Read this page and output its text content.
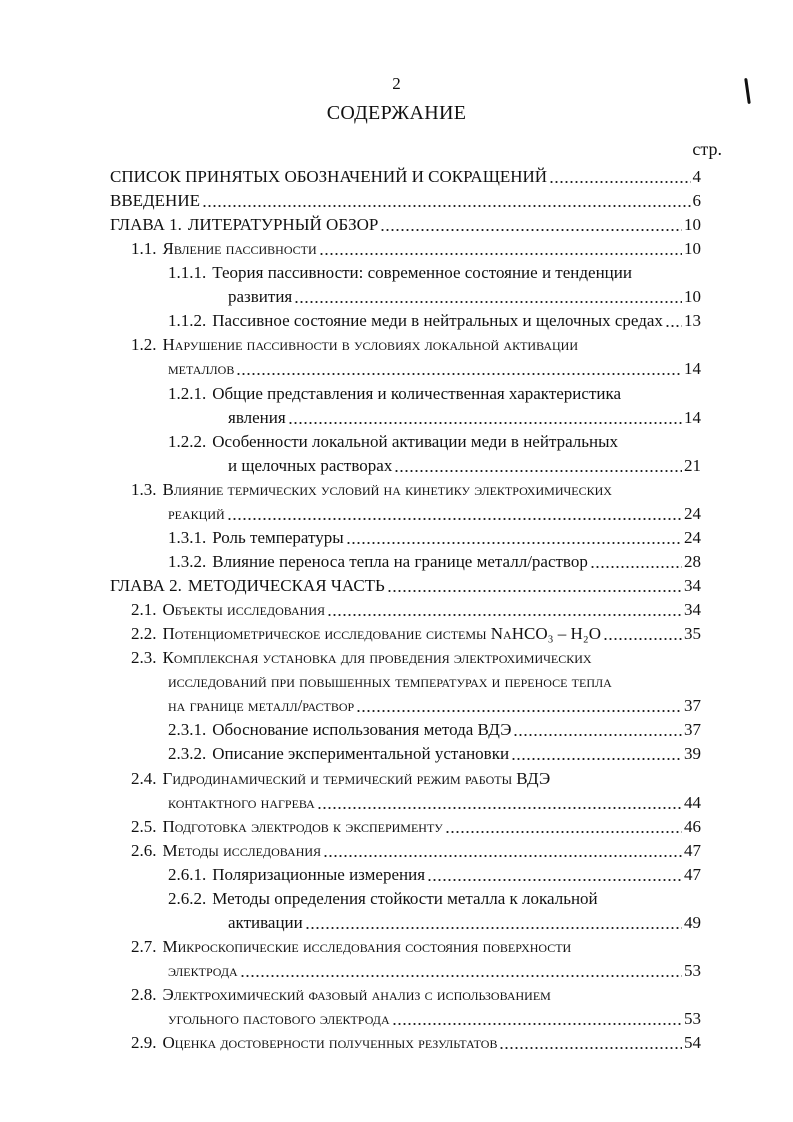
2
СОДЕРЖАНИЕ
стр.
СПИСОК ПРИНЯТЫХ ОБОЗНАЧЕНИЙ И СОКРАЩЕНИЙ	4
ВВЕДЕНИЕ	6
ГЛАВА 1. ЛИТЕРАТУРНЫЙ ОБЗОР	10
1.1. Явление пассивности	10
1.1.1. Теория пассивности: современное состояние и тенденции
развития	10
1.1.2. Пассивное состояние меди в нейтральных и щелочных средах 13
1.2. Нарушение пассивности в условиях локальной активации
металлов	14
1.2.1. Общие представления и количественная характеристика
явления	14
1.2.2. Особенности локальной активации меди в нейтральных
и щелочных растворах	21
1.3. Влияние термических условий на кинетику электрохимических
реакций	24
1.3.1. Роль температуры	24
1.3.2. Влияние переноса тепла на границе металл/раствор	28
ГЛАВА 2. МЕТОДИЧЕСКАЯ ЧАСТЬ	34
2.1. Объекты исследования	34
2.2. Потенциометрическое исследование системы NaHCO₃ – H₂O	35
2.3. Комплексная установка для проведения электрохимических
исследований при повышенных температурах и переносе тепла
на границе металл/раствор	37
2.3.1. Обоснование использования метода ВДЭ	37
2.3.2. Описание экспериментальной установки	39
2.4. Гидродинамический и термический режим работы ВДЭ
контактного нагрева	44
2.5. Подготовка электродов к эксперименту	46
2.6. Методы исследования	47
2.6.1. Поляризационные измерения	47
2.6.2. Методы определения стойкости металла к локальной
активации	49
2.7. Микроскопические исследования состояния поверхности
электрода	53
2.8. Электрохимический фазовый анализ с использованием
угольного пастового электрода	53
2.9. Оценка достоверности полученных результатов	54
